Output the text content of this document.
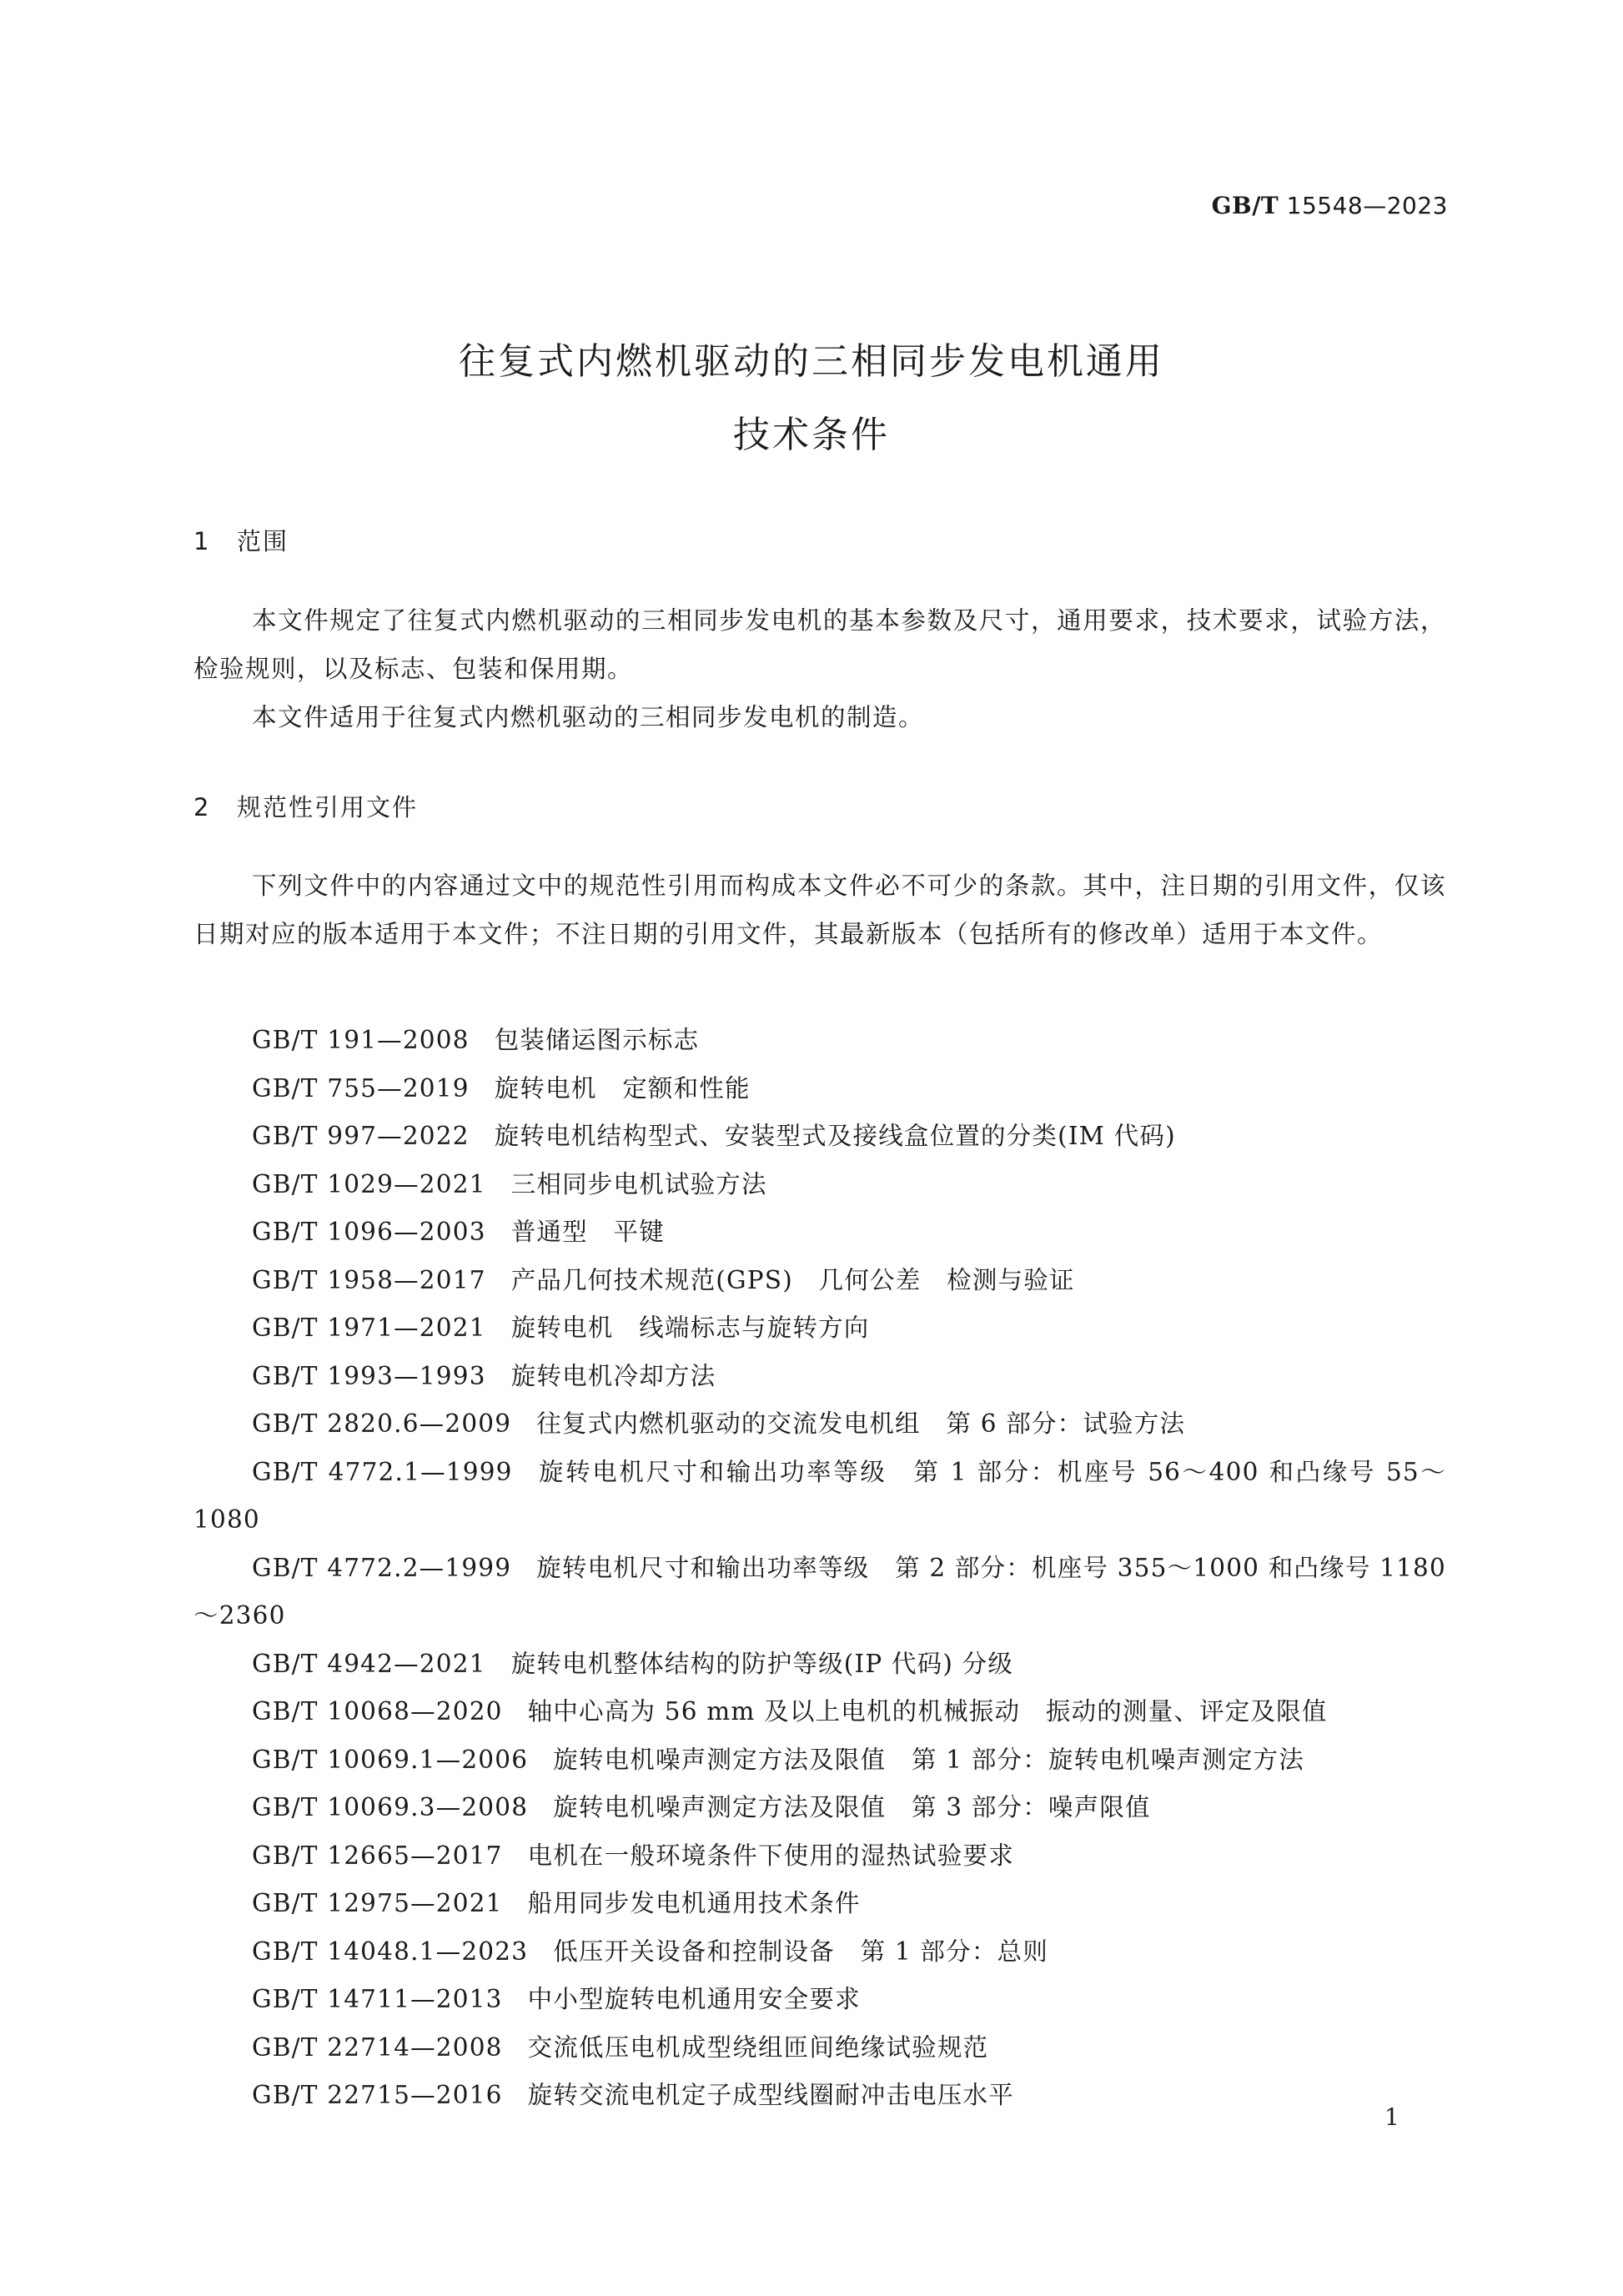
GB/T 15548—2023
往复式内燃机驱动的三相同步发电机通用
技术条件
1 范围

本文件规定了往复式内燃机驱动的三相同步发电机的基本参数及尺寸，通用要求，技术要求，试验方法，检验规则，以及标志、包装和保用期。

本文件适用于往复式内燃机驱动的三相同步发电机的制造。

2 规范性引用文件

下列文件中的内容通过文中的规范性引用而构成本文件必不可少的条款。其中，注日期的引用文件，仅该日期对应的版本适用于本文件；不注日期的引用文件，其最新版本（包括所有的修改单）适用于本文件。

GB/T 191—2008 包装储运图示标志
GB/T 755—2019 旋转电机　定额和性能
GB/T 997—2022 旋转电机结构型式、安装型式及接线盒位置的分类(IM 代码)
GB/T 1029—2021 三相同步电机试验方法
GB/T 1096—2003 普通型　平键
GB/T 1958—2017 产品几何技术规范(GPS)　几何公差　检测与验证
GB/T 1971—2021 旋转电机　线端标志与旋转方向
GB/T 1993—1993 旋转电机冷却方法
GB/T 2820.6—2009 往复式内燃机驱动的交流发电机组　第 6 部分：试验方法
GB/T 4772.1—1999 旋转电机尺寸和输出功率等级　第 1 部分：机座号 56～400 和凸缘号 55～1080
GB/T 4772.2—1999 旋转电机尺寸和输出功率等级　第 2 部分：机座号 355～1000 和凸缘号 1180～2360
GB/T 4942—2021 旋转电机整体结构的防护等级(IP 代码) 分级
GB/T 10068—2020 轴中心高为 56 mm 及以上电机的机械振动　振动的测量、评定及限值
GB/T 10069.1—2006 旋转电机噪声测定方法及限值　第 1 部分：旋转电机噪声测定方法
GB/T 10069.3—2008 旋转电机噪声测定方法及限值　第 3 部分：噪声限值
GB/T 12665—2017 电机在一般环境条件下使用的湿热试验要求
GB/T 12975—2021 船用同步发电机通用技术条件
GB/T 14048.1—2023 低压开关设备和控制设备　第 1 部分：总则
GB/T 14711—2013 中小型旋转电机通用安全要求
GB/T 22714—2008 交流低压电机成型绕组匝间绝缘试验规范
GB/T 22715—2016 旋转交流电机定子成型线圈耐冲击电压水平
1
